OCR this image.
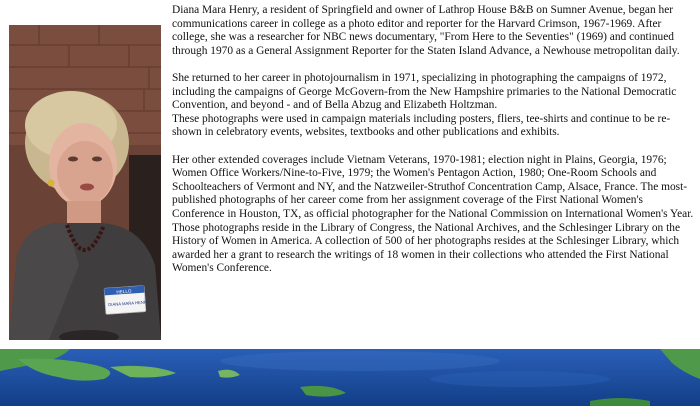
HELLO
DIANA MARA HENRY

Diana Mara Henry, a resident of Springfield and owner of Lathrop House B&B on Sumner Avenue, began her communications career in college as a photo editor and reporter for the Harvard Crimson, 1967-1969. After college, she was a researcher for NBC news documentary, "From Here to the Seventies" (1969) and continued through 1970 as a General Assignment Reporter for the Staten Island Advance, a Newhouse metropolitan daily.

She returned to her career in photojournalism in 1971, specializing in photographing the campaigns of 1972, including the campaigns of George McGovern-from the New Hampshire primaries to the National Democratic Convention, and beyond - and of Bella Abzug and Elizabeth Holtzman.

These photographs were used in campaign materials including posters, fliers, tee-shirts and continue to be re-shown in celebratory events, websites, textbooks and other publications and exhibits.

Her other extended coverages include Vietnam Veterans, 1970-1981; election night in Plains, Georgia, 1976; Women Office Workers/Nine-to-Five, 1979; the Women's Pentagon Action, 1980; One-Room Schools and Schoolteachers of Vermont and NY, and the Natzweiler-Struthof Concentration Camp, Alsace, France. The most-published photographs of her career come from her assignment coverage of the First National Women's Conference in Houston, TX, as official photographer for the National Commission on International Women's Year. Those photographs reside in the Library of Congress, the National Archives, and the Schlesinger Library on the History of Women in America. A collection of 500 of her photographs resides at the Schlesinger Library, which awarded her a grant to research the writings of 18 women in their collections who attended the First National Women's Conference.
